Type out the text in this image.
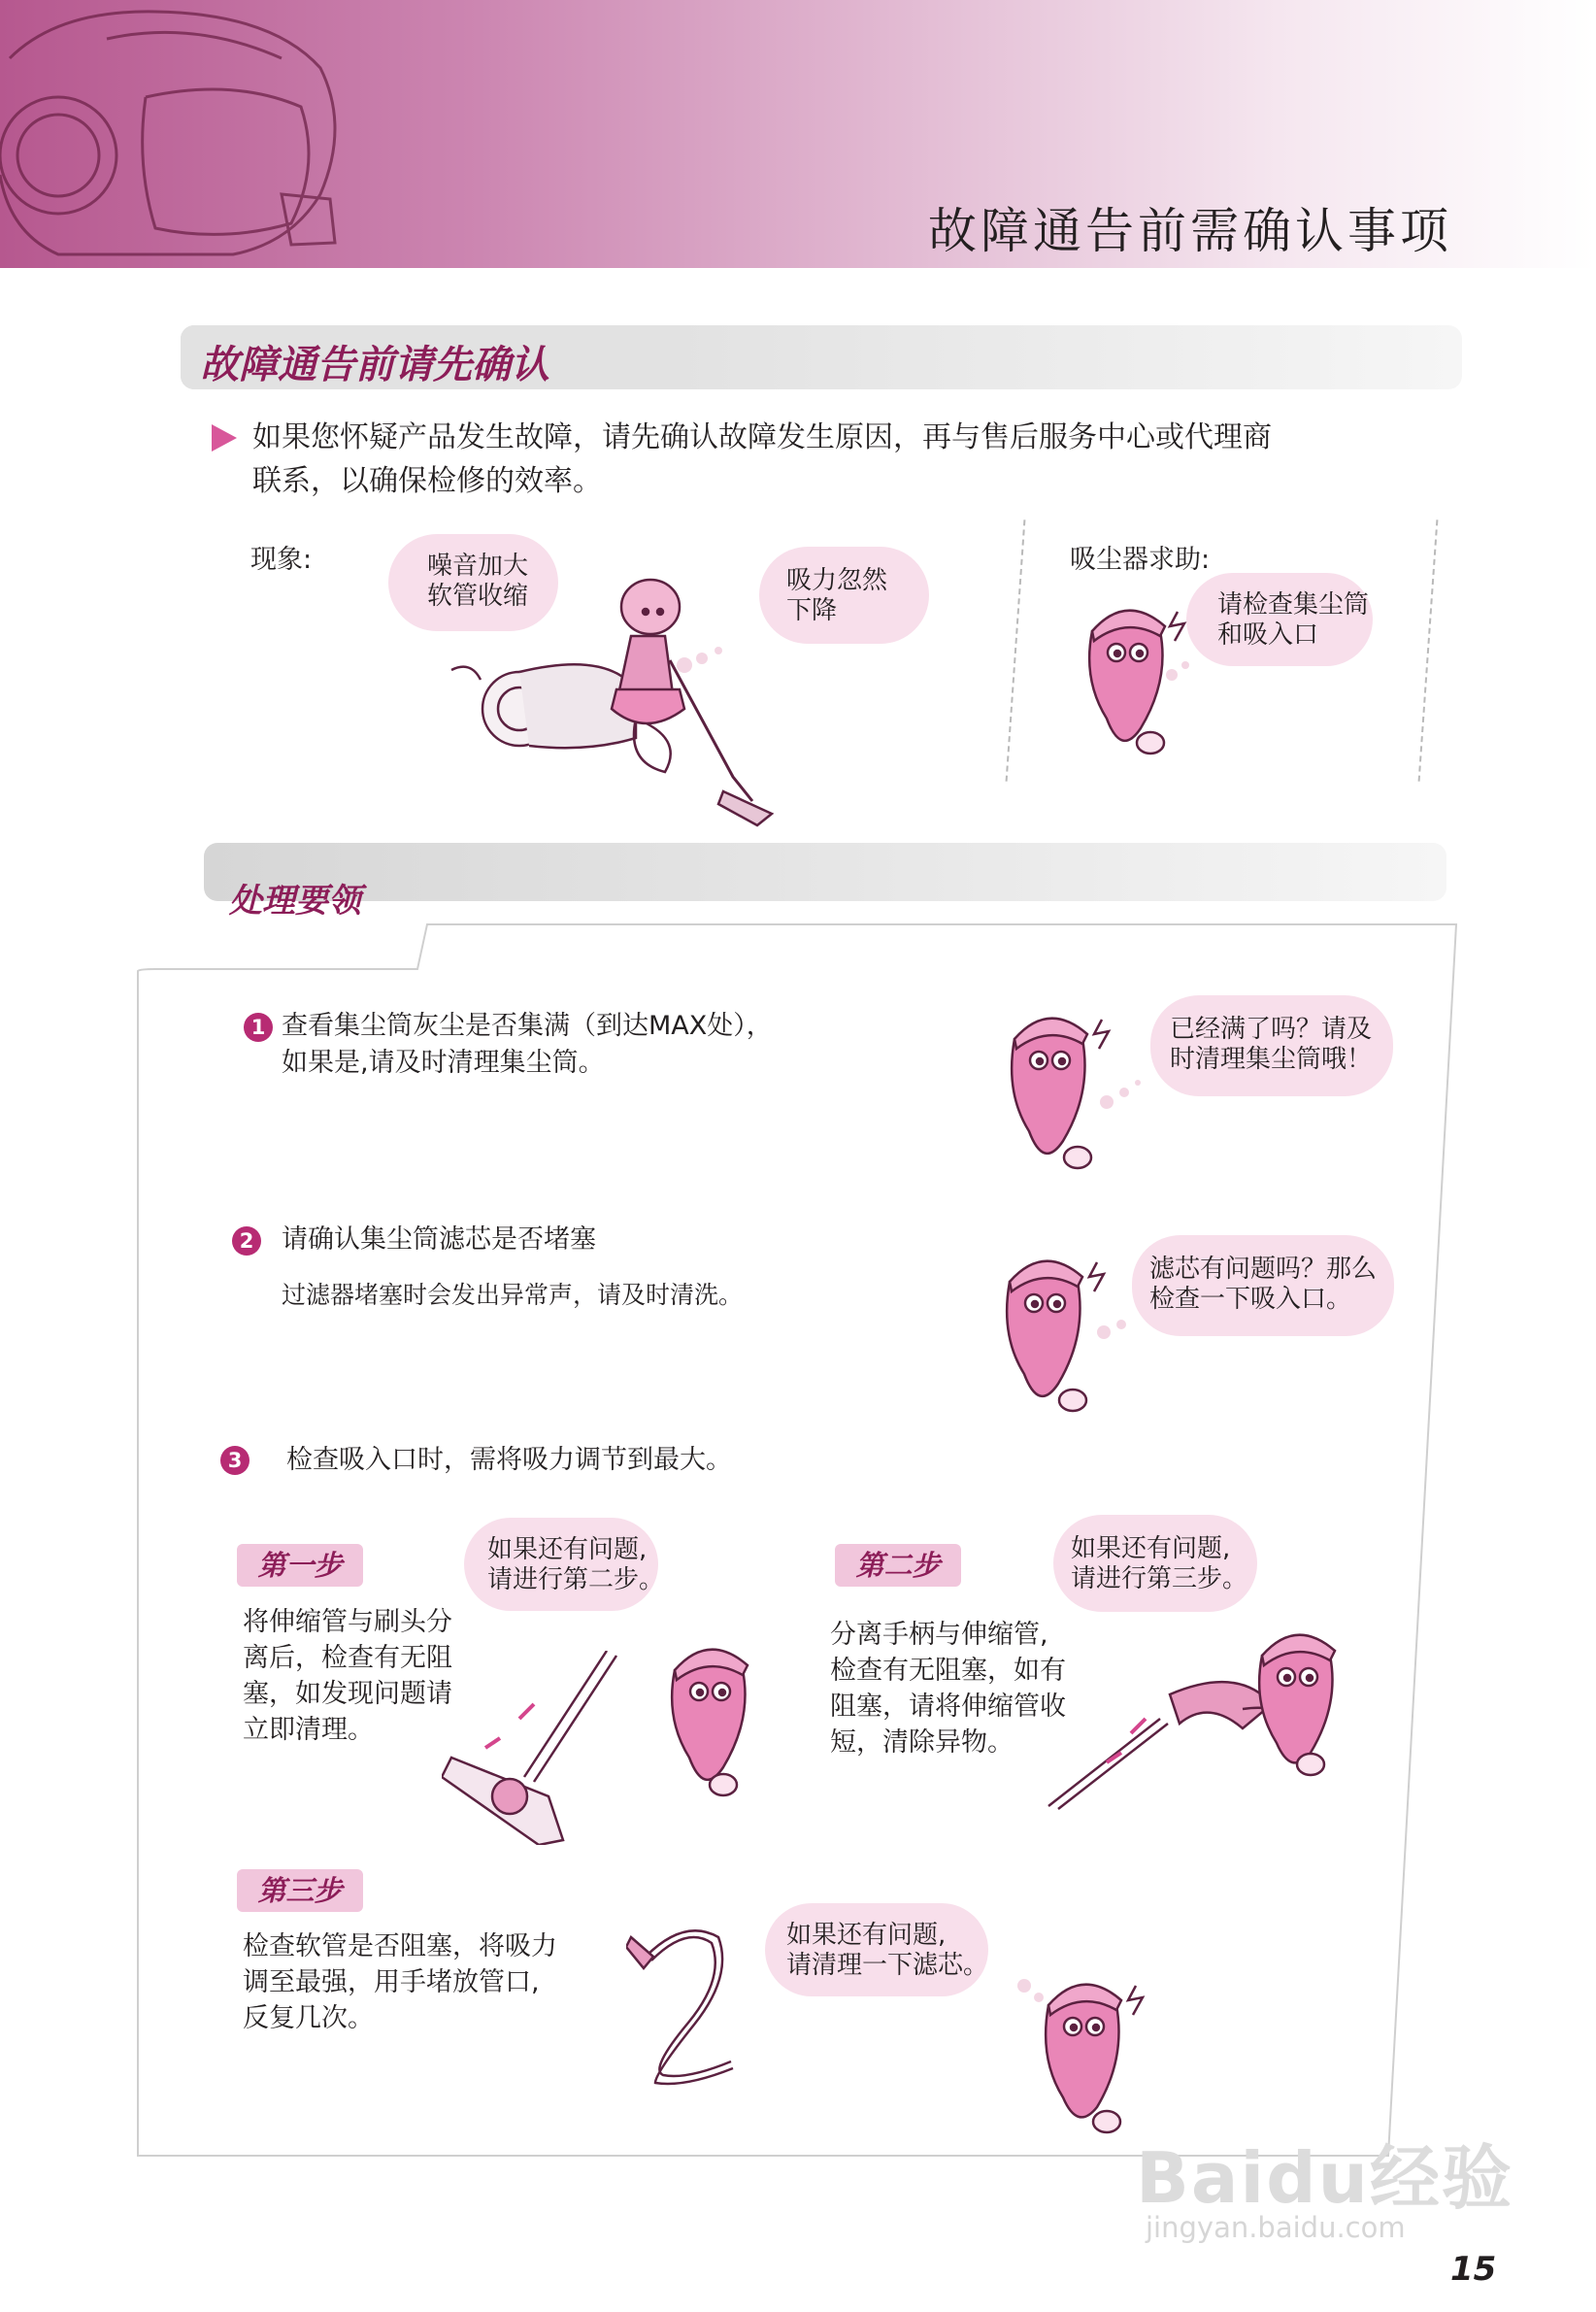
故障通告前需确认事项
故障通告前请先确认
如果您怀疑产品发生故障，请先确认故障发生原因，再与售后服务中心或代理商
联系，以确保检修的效率。
现象:	吸尘器求助:
噪音加大
软管收缩
吸力忽然
下降	请检查集尘筒
和吸入口
处理要领
1 查看集尘筒灰尘是否集满（到达MAX处），
如果是,请及时清理集尘筒。
已经满了吗？请及
时清理集尘筒哦！
2 请确认集尘筒滤芯是否堵塞
过滤器堵塞时会发出异常声，请及时清洗。
滤芯有问题吗？那么
检查一下吸入口。
3 检查吸入口时，需将吸力调节到最大。
第一步
将伸缩管与刷头分
离后，检查有无阻
塞，如发现问题请
立即清理。
如果还有问题,
请进行第二步。	第二步
分离手柄与伸缩管,
检查有无阻塞，如有
阻塞，请将伸缩管收
短，清除异物。
如果还有问题,
请进行第三步。
第三步
检查软管是否阻塞，将吸力
调至最强，用手堵放管口,
反复几次。
如果还有问题,
请清理一下滤芯。
Baidu经验
jingyan.baidu.com
15
